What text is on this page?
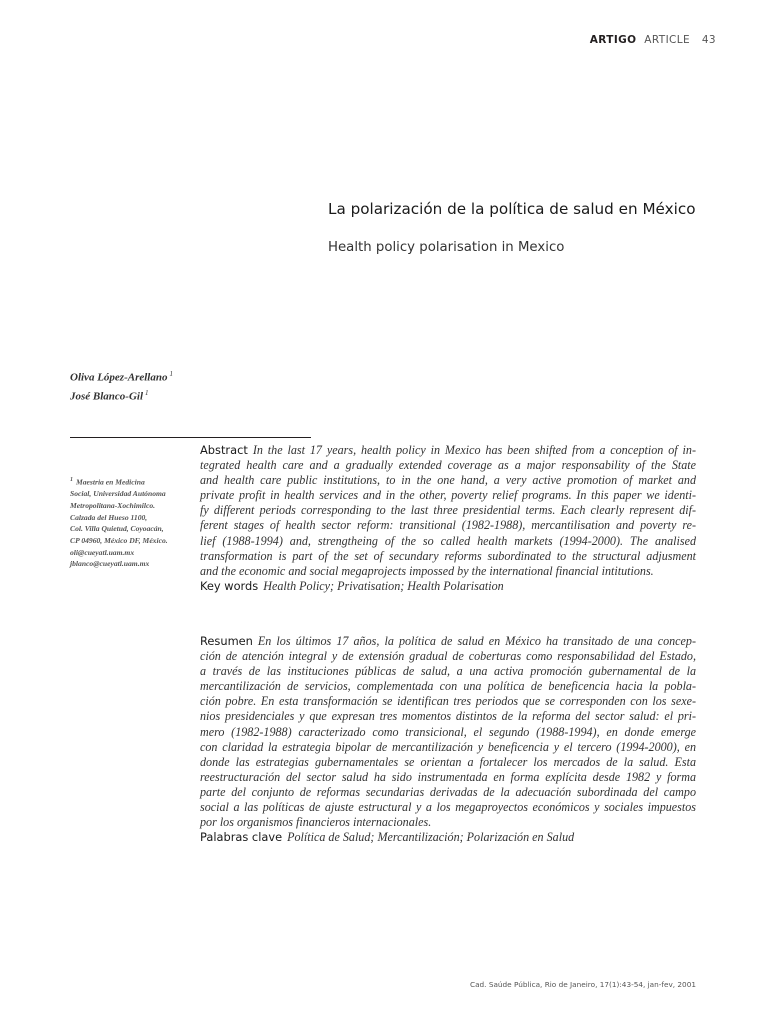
ARTIGO ARTICLE 43
La polarización de la política de salud en México
Health policy polarisation in Mexico
Oliva López-Arellano $^1$
José Blanco-Gil $^1$
$^1$ Maestria en Medicina
Social, Universidad Autónoma
Metropolitana-Xochimilco.
Calzada del Hueso 1100,
Col. Villa Quietud, Coyoacán,
CP 04960, México DF, México.
oli@cueyatl.uam.mx
jblanco@cueyatl.uam.mx
Abstract In the last 17 years, health policy in Mexico has been shifted from a conception of in-
tegrated health care and a gradually extended coverage as a major responsability of the State
and health care public institutions, to in the one hand, a very active promotion of market and
private profit in health services and in the other, poverty relief programs. In this paper we identi-
fy different periods corresponding to the last three presidential terms. Each clearly represent dif-
ferent stages of health sector reform: transitional (1982-1988), mercantilisation and poverty re-
lief (1988-1994) and, strengtheing of the so called health markets (1994-2000). The analised
transformation is part of the set of secundary reforms subordinated to the structural adjusment
and the economic and social megaprojects impossed by the international financial intitutions.
Key words Health Policy; Privatisation; Health Polarisation
Resumen En los últimos 17 años, la política de salud en México ha transitado de una concep-
ción de atención integral y de extensión gradual de coberturas como responsabilidad del Estado,
a través de las instituciones públicas de salud, a una activa promoción gubernamental de la
mercantilización de servicios, complementada con una política de beneficencia hacia la pobla-
ción pobre. En esta transformación se identifican tres periodos que se corresponden con los sexe-
nios presidenciales y que expresan tres momentos distintos de la reforma del sector salud: el pri-
mero (1982-1988) caracterizado como transicional, el segundo (1988-1994), en donde emerge
con claridad la estrategia bipolar de mercantilización y beneficencia y el tercero (1994-2000), en
donde las estrategias gubernamentales se orientan a fortalecer los mercados de la salud. Esta
reestructuración del sector salud ha sido instrumentada en forma explícita desde 1982 y forma
parte del conjunto de reformas secundarias derivadas de la adecuación subordinada del campo
social a las políticas de ajuste estructural y a los megaproyectos económicos y sociales impuestos
por los organismos financieros internacionales.
Palabras clave Política de Salud; Mercantilización; Polarización en Salud
Cad. Saúde Pública, Rio de Janeiro, 17(1):43-54, jan-fev, 2001
